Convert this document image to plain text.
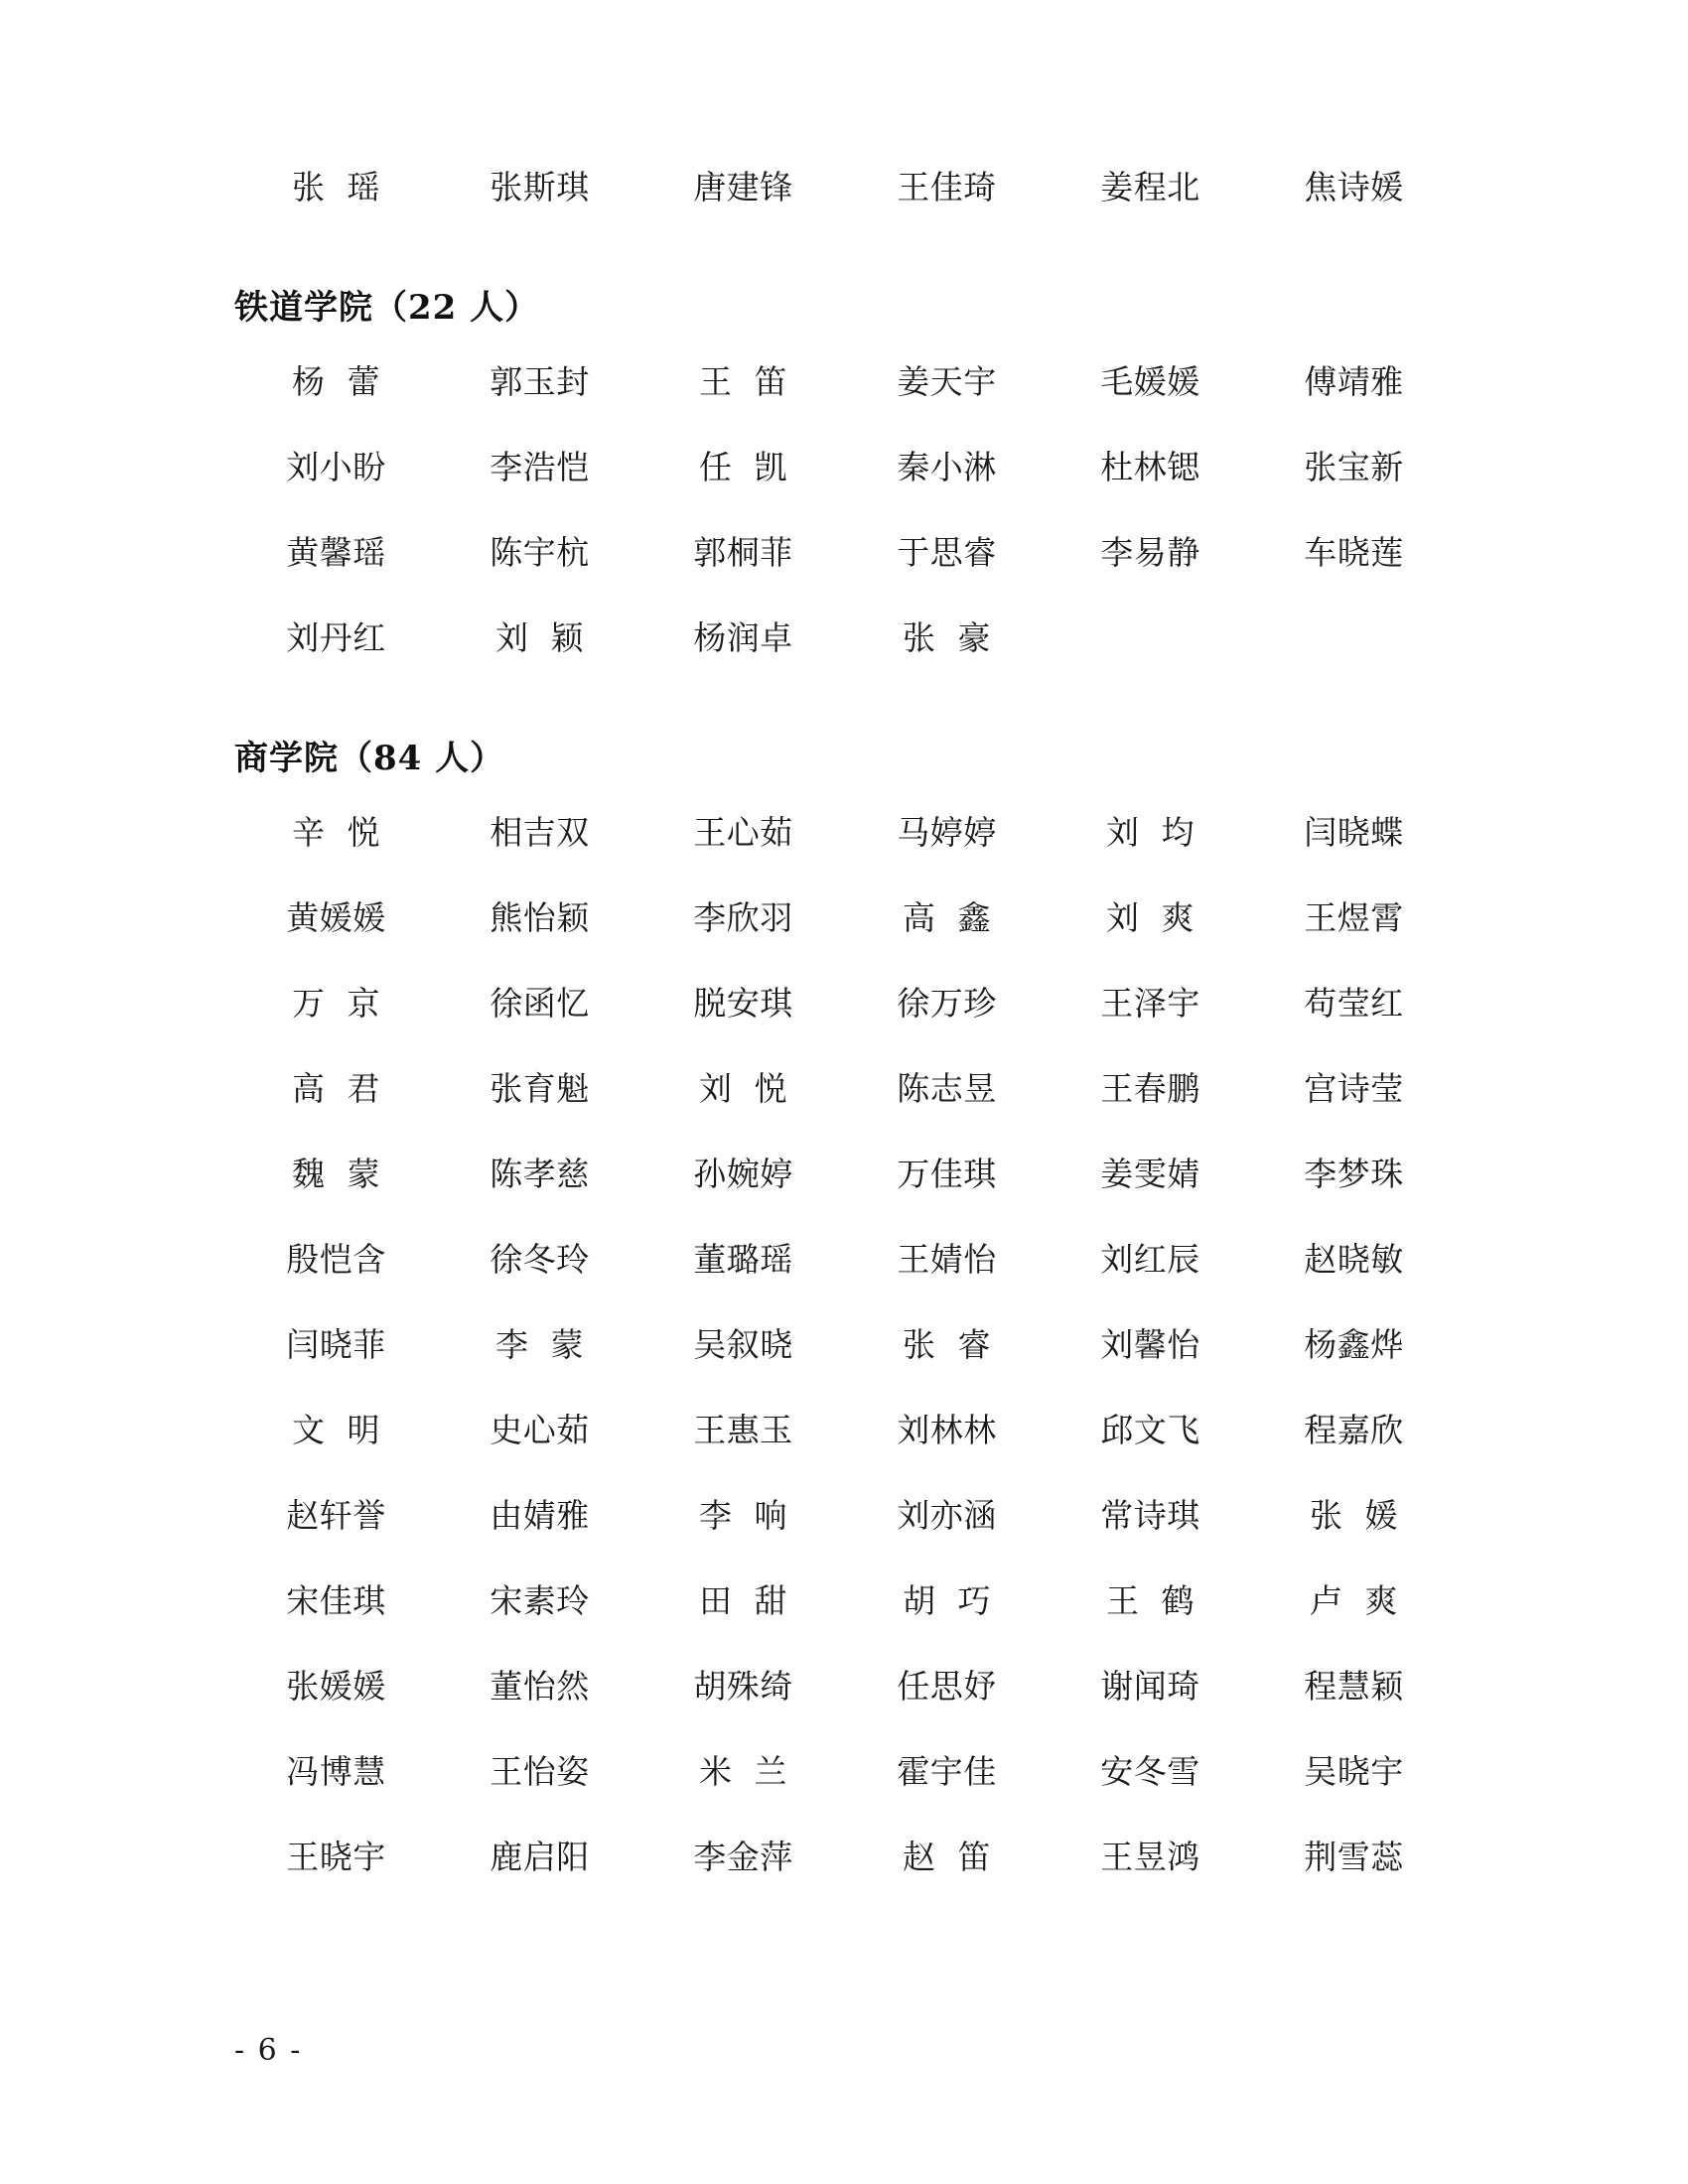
张  瑶	张斯琪	唐建锋	王佳琦	姜程北	焦诗媛
铁道学院（22 人）
杨  蕾	郭玉封	王  笛	姜天宇	毛媛媛	傅靖雅
刘小盼	李浩恺	任  凯	秦小淋	杜林锶	张宝新
黄馨瑶	陈宇杭	郭桐菲	于思睿	李易静	车晓莲
刘丹红	刘  颖	杨润卓	张  豪
商学院（84 人）
辛  悦	相吉双	王心茹	马婷婷	刘  均	闫晓蝶
黄媛媛	熊怡颖	李欣羽	高  鑫	刘  爽	王煜霄
万  京	徐函忆	脱安琪	徐万珍	王泽宇	苟莹红
高  君	张育魁	刘  悦	陈志昱	王春鹏	宫诗莹
魏  蒙	陈孝慈	孙婉婷	万佳琪	姜雯婧	李梦珠
殷恺含	徐冬玲	董璐瑶	王婧怡	刘红辰	赵晓敏
闫晓菲	李  蒙	吴叙晓	张  睿	刘馨怡	杨鑫烨
文  明	史心茹	王惠玉	刘林林	邱文飞	程嘉欣
赵轩誉	由婧雅	李  响	刘亦涵	常诗琪	张  媛
宋佳琪	宋素玲	田  甜	胡  巧	王  鹤	卢  爽
张媛媛	董怡然	胡殊绮	任思妤	谢闻琦	程慧颖
冯博慧	王怡姿	米  兰	霍宇佳	安冬雪	吴晓宇
王晓宇	鹿启阳	李金萍	赵  笛	王昱鸿	荆雪蕊
- 6 -
